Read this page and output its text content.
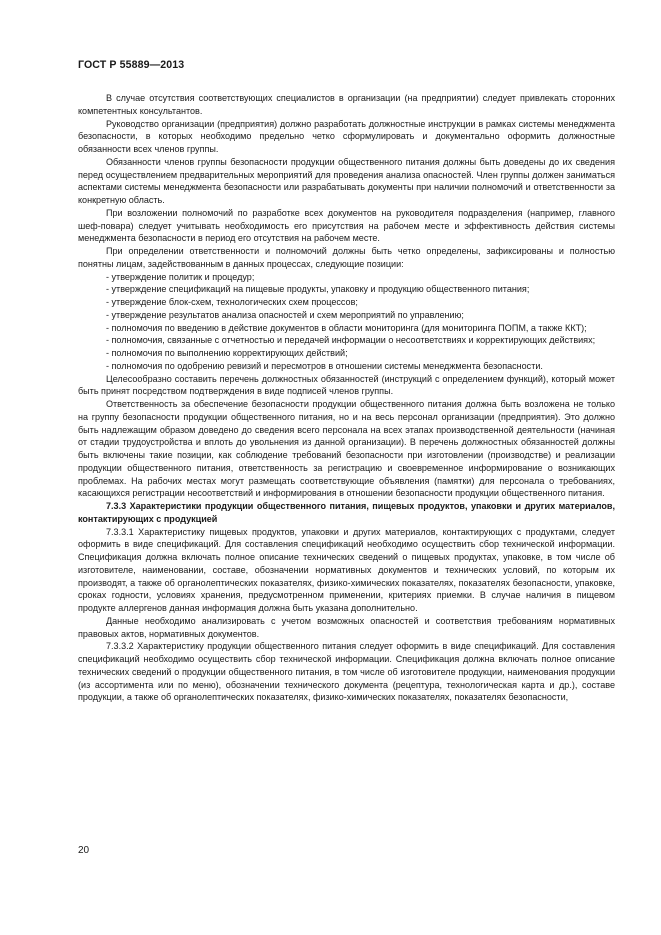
ГОСТ Р 55889—2013

В случае отсутствия соответствующих специалистов в организации (на предприятии) следует привлекать сторонних компетентных консультантов.

Руководство организации (предприятия) должно разработать должностные инструкции в рамках системы менеджмента безопасности, в которых необходимо предельно четко сформулировать и документально оформить должностные обязанности всех членов группы.

Обязанности членов группы безопасности продукции общественного питания должны быть доведены до их сведения перед осуществлением предварительных мероприятий для проведения анализа опасностей. Член группы должен заниматься аспектами системы менеджмента безопасности или разрабатывать документы при наличии полномочий и ответственности за конкретную область.

При возложении полномочий по разработке всех документов на руководителя подразделения (например, главного шеф-повара) следует учитывать необходимость его присутствия на рабочем месте и эффективность действия системы менеджмента безопасности в период его отсутствия на рабочем месте.

При определении ответственности и полномочий должны быть четко определены, зафиксированы и полностью понятны лицам, задействованным в данных процессах, следующие позиции:

- утверждение политик и процедур;

- утверждение спецификаций на пищевые продукты, упаковку и продукцию общественного питания;

- утверждение блок-схем, технологических схем процессов;

- утверждение результатов анализа опасностей и схем мероприятий по управлению;

- полномочия по введению в действие документов в области мониторинга (для мониторинга ПОПМ, а также ККТ);

- полномочия, связанные с отчетностью и передачей информации о несоответствиях и корректирующих действиях;

- полномочия по выполнению корректирующих действий;

- полномочия по одобрению ревизий и пересмотров в отношении системы менеджмента безопасности.

Целесообразно составить перечень должностных обязанностей (инструкций с определением функций), который может быть принят посредством подтверждения в виде подписей членов группы.

Ответственность за обеспечение безопасности продукции общественного питания должна быть возложена не только на группу безопасности продукции общественного питания, но и на весь персонал организации (предприятия). Это должно быть надлежащим образом доведено до сведения всего персонала на всех этапах производственной деятельности (начиная от стадии трудоустройства и вплоть до увольнения из данной организации). В перечень должностных обязанностей должны быть включены такие позиции, как соблюдение требований безопасности при изготовлении (производстве) и реализации продукции общественного питания, ответственность за регистрацию и своевременное информирование о возникающих проблемах. На рабочих местах могут размещать соответствующие объявления (памятки) для персонала о требованиях, касающихся регистрации несоответствий и информирования в отношении безопасности продукции общественного питания.

7.3.3 Характеристики продукции общественного питания, пищевых продуктов, упаковки и других материалов, контактирующих с продукцией

7.3.3.1 Характеристику пищевых продуктов, упаковки и других материалов, контактирующих с продуктами, следует оформить в виде спецификаций. Для составления спецификаций необходимо осуществить сбор технической информации. Спецификация должна включать полное описание технических сведений о пищевых продуктах, упаковке, в том числе об изготовителе, наименовании, составе, обозначении нормативных документов и технических условий, по которым их производят, а также об органолептических показателях, физико-химических показателях, показателях безопасности, упаковке, сроках годности, условиях хранения, предусмотренном применении, критериях приемки. В случае наличия в пищевом продукте аллергенов данная информация должна быть указана дополнительно.

Данные необходимо анализировать с учетом возможных опасностей и соответствия требованиям нормативных правовых актов, нормативных документов.

7.3.3.2 Характеристику продукции общественного питания следует оформить в виде спецификаций. Для составления спецификаций необходимо осуществить сбор технической информации. Спецификация должна включать полное описание технических сведений о продукции общественного питания, в том числе об изготовителе продукции, наименования продукции (из ассортимента или по меню), обозначении технического документа (рецептура, технологическая карта и др.), составе продукции, а также об органолептических показателях, физико-химических показателях, показателях безопасности,

20
